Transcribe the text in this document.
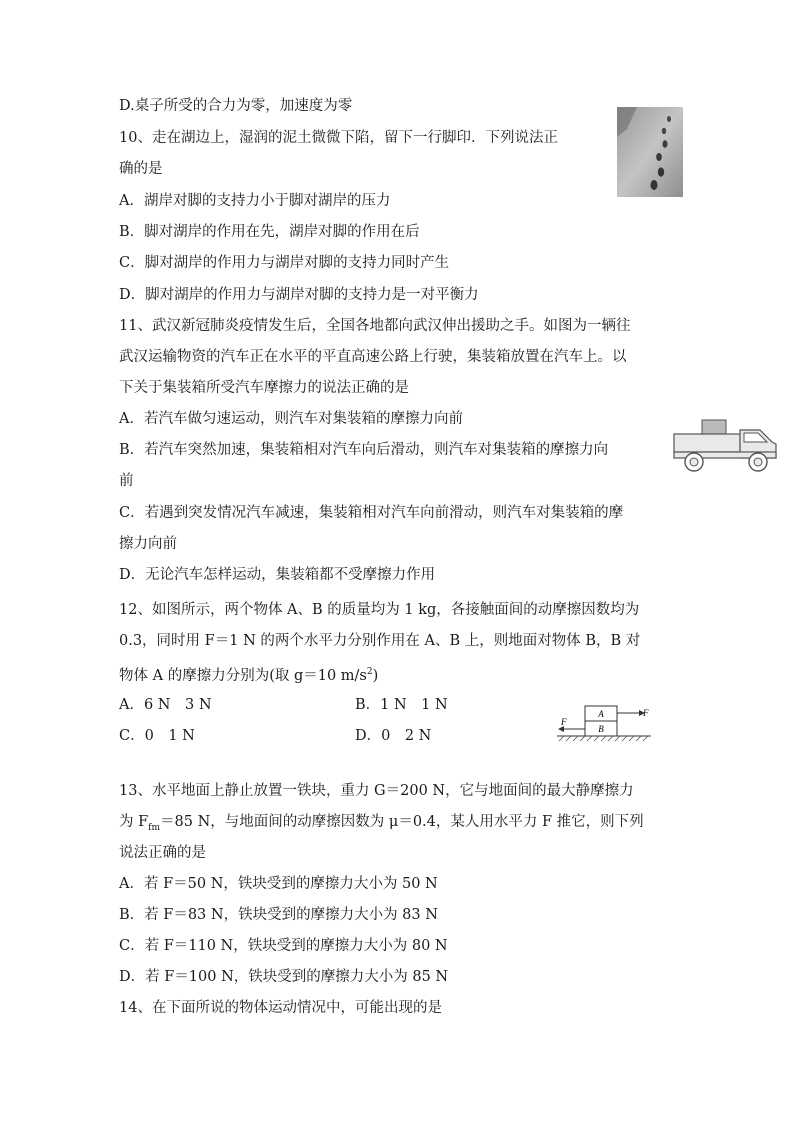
D.桌子所受的合力为零，加速度为零
10、走在湖边上，湿润的泥土微微下陷，留下一行脚印．下列说法正
确的是
A．湖岸对脚的支持力小于脚对湖岸的压力
B．脚对湖岸的作用在先，湖岸对脚的作用在后
C．脚对湖岸的作用力与湖岸对脚的支持力同时产生
D．脚对湖岸的作用力与湖岸对脚的支持力是一对平衡力
11、武汉新冠肺炎疫情发生后，全国各地都向武汉伸出援助之手。如图为一辆往
武汉运输物资的汽车正在水平的平直高速公路上行驶，集装箱放置在汽车上。以
下关于集装箱所受汽车摩擦力的说法正确的是
A．若汽车做匀速运动，则汽车对集装箱的摩擦力向前
B．若汽车突然加速，集装箱相对汽车向后滑动，则汽车对集装箱的摩擦力向
前
C．若遇到突发情况汽车减速，集装箱相对汽车向前滑动，则汽车对集装箱的摩
擦力向前
D．无论汽车怎样运动，集装箱都不受摩擦力作用
12、如图所示，两个物体 A、B 的质量均为 1 kg，各接触面间的动摩擦因数均为
0.3，同时用 F＝1 N 的两个水平力分别作用在 A、B 上，则地面对物体 B，B 对
物体 A 的摩擦力分别为(取 g＝10 $m/s^2$)
A．6 N　3 N	B．1 N　1 N
C．0　1 N	D．0　2 N
13、水平地面上静止放置一铁块，重力 G＝200 N，它与地面间的最大静摩擦力
为 $F_{fm}=85$ N，与地面间的动摩擦因数为 μ＝0.4，某人用水平力 F 推它，则下列
说法正确的是
A．若 F＝50 N，铁块受到的摩擦力大小为 50 N
B．若 F＝83 N，铁块受到的摩擦力大小为 83 N
C．若 F＝110 N，铁块受到的摩擦力大小为 80 N
D．若 F＝100 N，铁块受到的摩擦力大小为 85 N
14、在下面所说的物体运动情况中，可能出现的是
A
B
F
F
